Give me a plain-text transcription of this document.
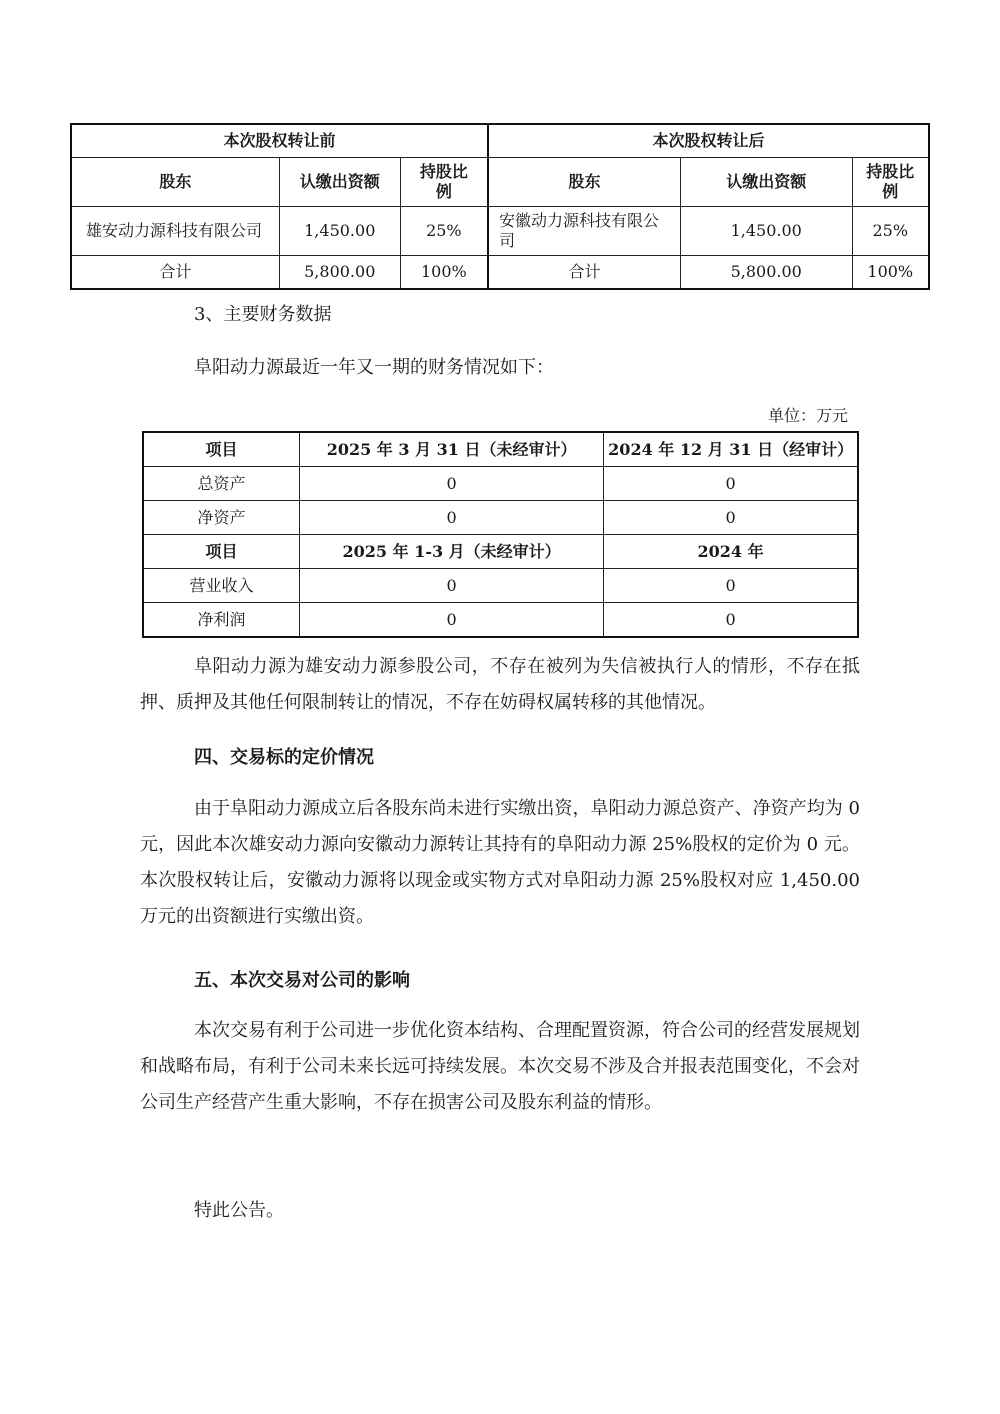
本次股权转让前			本次股权转让后		
股东	认缴出资额	持股比例	股东	认缴出资额	持股比例
雄安动力源科技有限公司	1,450.00	25%	安徽动力源科技有限公司	1,450.00	25%
合计	5,800.00	100%	合计	5,800.00	100%

3、主要财务数据

阜阳动力源最近一年又一期的财务情况如下：

单位：万元
项目	2025 年 3 月 31 日（未经审计）	2024 年 12 月 31 日（经审计）
总资产	0	0
净资产	0	0
项目	2025 年 1-3 月（未经审计）	2024 年
营业收入	0	0
净利润	0	0

阜阳动力源为雄安动力源参股公司，不存在被列为失信被执行人的情形，不存在抵押、质押及其他任何限制转让的情况，不存在妨碍权属转移的其他情况。

四、交易标的定价情况

由于阜阳动力源成立后各股东尚未进行实缴出资，阜阳动力源总资产、净资产均为 0 元，因此本次雄安动力源向安徽动力源转让其持有的阜阳动力源 25%股权的定价为 0 元。本次股权转让后，安徽动力源将以现金或实物方式对阜阳动力源 25%股权对应 1,450.00 万元的出资额进行实缴出资。

五、本次交易对公司的影响

本次交易有利于公司进一步优化资本结构、合理配置资源，符合公司的经营发展规划和战略布局，有利于公司未来长远可持续发展。本次交易不涉及合并报表范围变化，不会对公司生产经营产生重大影响，不存在损害公司及股东利益的情形。

特此公告。
